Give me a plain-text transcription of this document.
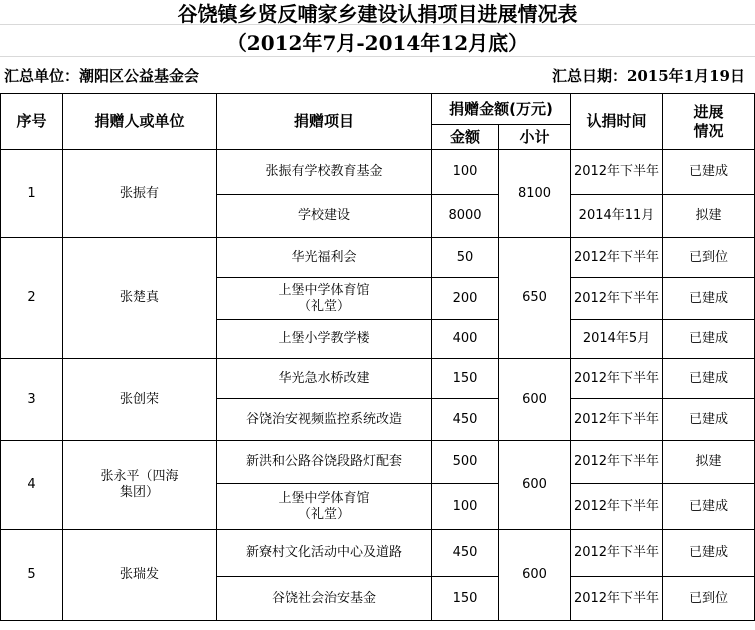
谷饶镇乡贤反哺家乡建设认捐项目进展情况表
（2012年7月-2014年12月底）
汇总单位：潮阳区公益基金会	汇总日期：2015年1月19日
序号	捐赠人或单位	捐赠项目	捐赠金额(万元)		认捐时间	进展情况
			金额	小计		
1	张振有	张振有学校教育基金	100	8100	2012年下半年	已建成
		学校建设	8000		2014年11月	拟建
2	张楚真	华光福利会	50	650	2012年下半年	已到位
		上堡中学体育馆（礼堂）	200		2012年下半年	已建成
		上堡小学教学楼	400		2014年5月	已建成
3	张创荣	华光急水桥改建	150	600	2012年下半年	已建成
		谷饶治安视频监控系统改造	450		2012年下半年	已建成
4	张永平（四海集团）	新洪和公路谷饶段路灯配套	500	600	2012年下半年	拟建
		上堡中学体育馆（礼堂）	100		2012年下半年	已建成
5	张瑞发	新寮村文化活动中心及道路	450	600	2012年下半年	已建成
		谷饶社会治安基金	150		2012年下半年	已到位
